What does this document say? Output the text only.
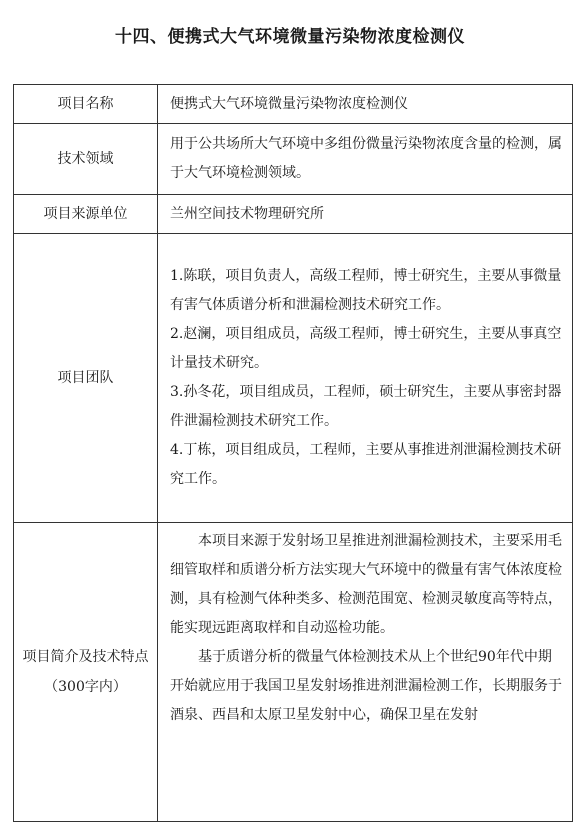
十四、便携式大气环境微量污染物浓度检测仪
项目名称	便携式大气环境微量污染物浓度检测仪
技术领域	用于公共场所大气环境中多组份微量污染物浓度含量的检测，属于大气环境检测领域。
项目来源单位	兰州空间技术物理研究所
项目团队	1.陈联，项目负责人，高级工程师，博士研究生，主要从事微量有害气体质谱分析和泄漏检测技术研究工作。

2.赵澜，项目组成员，高级工程师，博士研究生，主要从事真空计量技术研究。

3.孙冬花，项目组成员，工程师，硕士研究生，主要从事密封器件泄漏检测技术研究工作。

4.丁栋，项目组成员，工程师，主要从事推进剂泄漏检测技术研究工作。

项目简介及技术特点（300字内）	本项目来源于发射场卫星推进剂泄漏检测技术，主要采用毛细管取样和质谱分析方法实现大气环境中的微量有害气体浓度检测，具有检测气体种类多、检测范围宽、检测灵敏度高等特点，能实现远距离取样和自动巡检功能。

基于质谱分析的微量气体检测技术从上个世纪90年代中期开始就应用于我国卫星发射场推进剂泄漏检测工作，长期服务于酒泉、西昌和太原卫星发射中心，确保卫星在发射
